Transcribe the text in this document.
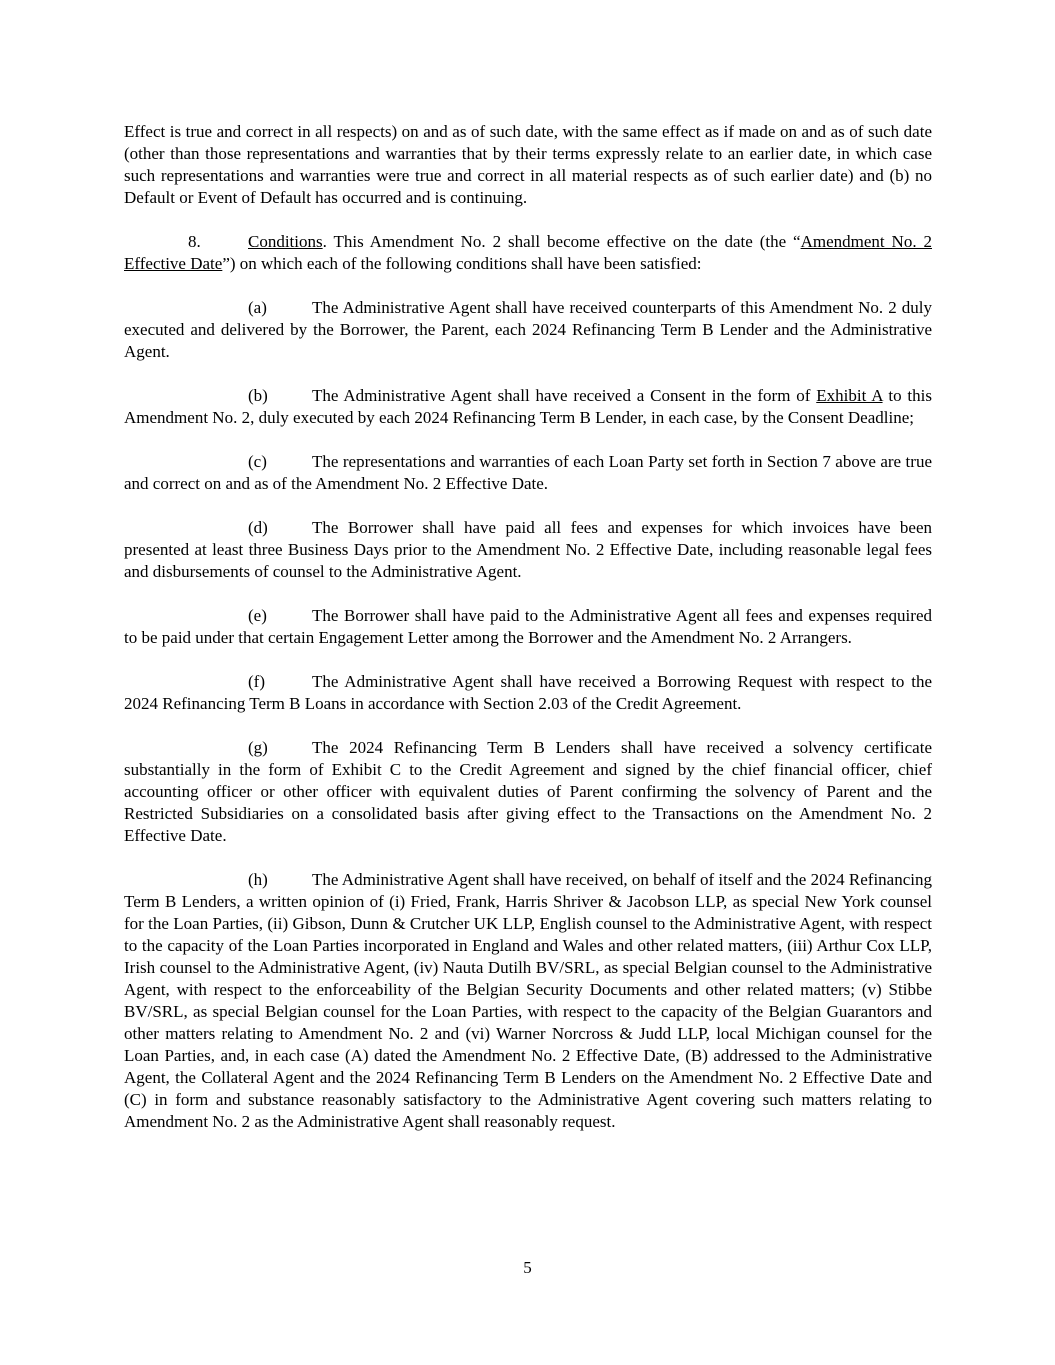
Effect is true and correct in all respects) on and as of such date, with the same effect as if made on and as of such date (other than those representations and warranties that by their terms expressly relate to an earlier date, in which case such representations and warranties were true and correct in all material respects as of such earlier date) and (b) no Default or Event of Default has occurred and is continuing.

8.	Conditions. This Amendment No. 2 shall become effective on the date (the “Amendment No. 2 Effective Date”) on which each of the following conditions shall have been satisfied:

(a)	The Administrative Agent shall have received counterparts of this Amendment No. 2 duly executed and delivered by the Borrower, the Parent, each 2024 Refinancing Term B Lender and the Administrative Agent.

(b)	The Administrative Agent shall have received a Consent in the form of Exhibit A to this Amendment No. 2, duly executed by each 2024 Refinancing Term B Lender, in each case, by the Consent Deadline;

(c)	The representations and warranties of each Loan Party set forth in Section 7 above are true and correct on and as of the Amendment No. 2 Effective Date.

(d)	The Borrower shall have paid all fees and expenses for which invoices have been presented at least three Business Days prior to the Amendment No. 2 Effective Date, including reasonable legal fees and disbursements of counsel to the Administrative Agent.

(e)	The Borrower shall have paid to the Administrative Agent all fees and expenses required to be paid under that certain Engagement Letter among the Borrower and the Amendment No. 2 Arrangers.

(f)	The Administrative Agent shall have received a Borrowing Request with respect to the 2024 Refinancing Term B Loans in accordance with Section 2.03 of the Credit Agreement.

(g)	The 2024 Refinancing Term B Lenders shall have received a solvency certificate substantially in the form of Exhibit C to the Credit Agreement and signed by the chief financial officer, chief accounting officer or other officer with equivalent duties of Parent confirming the solvency of Parent and the Restricted Subsidiaries on a consolidated basis after giving effect to the Transactions on the Amendment No. 2 Effective Date.

(h)	The Administrative Agent shall have received, on behalf of itself and the 2024 Refinancing Term B Lenders, a written opinion of (i) Fried, Frank, Harris Shriver & Jacobson LLP, as special New York counsel for the Loan Parties, (ii) Gibson, Dunn & Crutcher UK LLP, English counsel to the Administrative Agent, with respect to the capacity of the Loan Parties incorporated in England and Wales and other related matters, (iii) Arthur Cox LLP, Irish counsel to the Administrative Agent, (iv) Nauta Dutilh BV/SRL, as special Belgian counsel to the Administrative Agent, with respect to the enforceability of the Belgian Security Documents and other related matters; (v) Stibbe BV/SRL, as special Belgian counsel for the Loan Parties, with respect to the capacity of the Belgian Guarantors and other matters relating to Amendment No. 2 and (vi) Warner Norcross & Judd LLP, local Michigan counsel for the Loan Parties, and, in each case (A) dated the Amendment No. 2 Effective Date, (B) addressed to the Administrative Agent, the Collateral Agent and the 2024 Refinancing Term B Lenders on the Amendment No. 2 Effective Date and (C) in form and substance reasonably satisfactory to the Administrative Agent covering such matters relating to Amendment No. 2 as the Administrative Agent shall reasonably request.

5
